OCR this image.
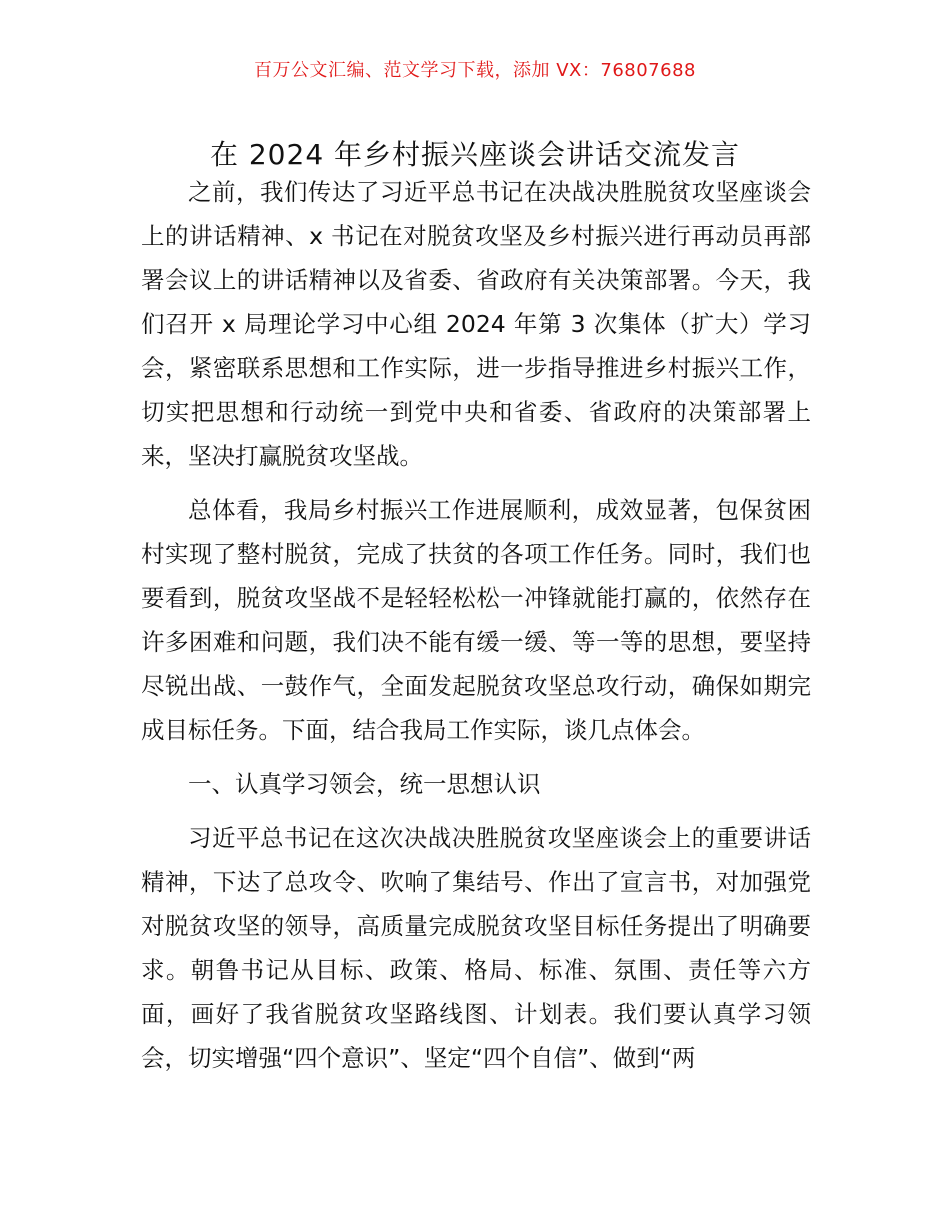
百万公文汇编、范文学习下载，添加 VX：76807688
在 2024 年乡村振兴座谈会讲话交流发言

之前，我们传达了习近平总书记在决战决胜脱贫攻坚座谈会上的讲话精神、x 书记在对脱贫攻坚及乡村振兴进行再动员再部署会议上的讲话精神以及省委、省政府有关决策部署。今天，我们召开 x 局理论学习中心组 2024 年第 3 次集体（扩大）学习会，紧密联系思想和工作实际，进一步指导推进乡村振兴工作，切实把思想和行动统一到党中央和省委、省政府的决策部署上来，坚决打赢脱贫攻坚战。

总体看，我局乡村振兴工作进展顺利，成效显著，包保贫困村实现了整村脱贫，完成了扶贫的各项工作任务。同时，我们也要看到，脱贫攻坚战不是轻轻松松一冲锋就能打赢的，依然存在许多困难和问题，我们决不能有缓一缓、等一等的思想，要坚持尽锐出战、一鼓作气，全面发起脱贫攻坚总攻行动，确保如期完成目标任务。下面，结合我局工作实际，谈几点体会。

一、认真学习领会，统一思想认识

习近平总书记在这次决战决胜脱贫攻坚座谈会上的重要讲话精神，下达了总攻令、吹响了集结号、作出了宣言书，对加强党对脱贫攻坚的领导，高质量完成脱贫攻坚目标任务提出了明确要求。朝鲁书记从目标、政策、格局、标准、氛围、责任等六方面，画好了我省脱贫攻坚路线图、计划表。我们要认真学习领会，切实增强“四个意识”、坚定“四个自信”、做到“两
